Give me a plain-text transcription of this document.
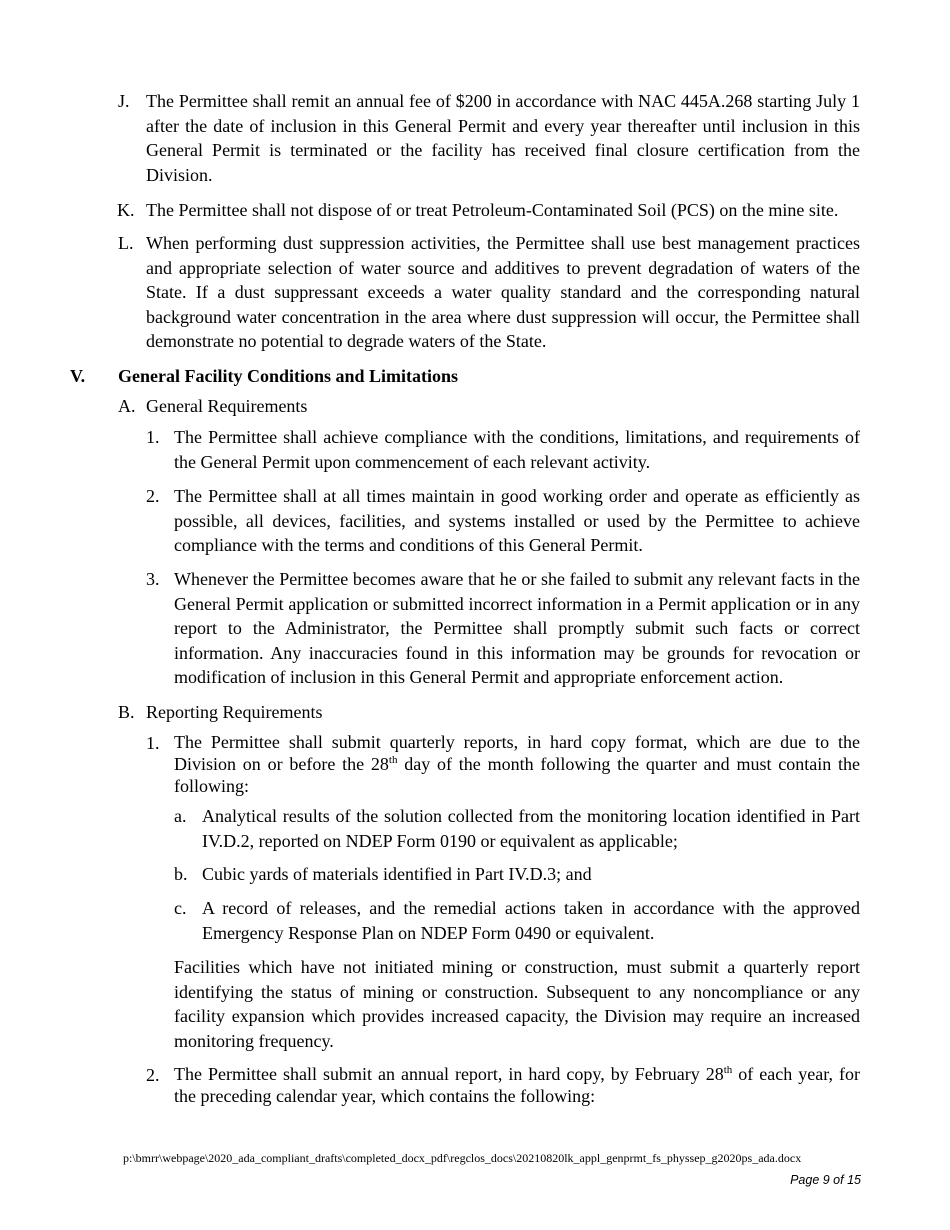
J. The Permittee shall remit an annual fee of $200 in accordance with NAC 445A.268 starting July 1 after the date of inclusion in this General Permit and every year thereafter until inclusion in this General Permit is terminated or the facility has received final closure certification from the Division.
K. The Permittee shall not dispose of or treat Petroleum-Contaminated Soil (PCS) on the mine site.
L. When performing dust suppression activities, the Permittee shall use best management practices and appropriate selection of water source and additives to prevent degradation of waters of the State. If a dust suppressant exceeds a water quality standard and the corresponding natural background water concentration in the area where dust suppression will occur, the Permittee shall demonstrate no potential to degrade waters of the State.
V. General Facility Conditions and Limitations
A. General Requirements
1. The Permittee shall achieve compliance with the conditions, limitations, and requirements of the General Permit upon commencement of each relevant activity.
2. The Permittee shall at all times maintain in good working order and operate as efficiently as possible, all devices, facilities, and systems installed or used by the Permittee to achieve compliance with the terms and conditions of this General Permit.
3. Whenever the Permittee becomes aware that he or she failed to submit any relevant facts in the General Permit application or submitted incorrect information in a Permit application or in any report to the Administrator, the Permittee shall promptly submit such facts or correct information. Any inaccuracies found in this information may be grounds for revocation or modification of inclusion in this General Permit and appropriate enforcement action.
B. Reporting Requirements
1. The Permittee shall submit quarterly reports, in hard copy format, which are due to the Division on or before the 28th day of the month following the quarter and must contain the following:
a. Analytical results of the solution collected from the monitoring location identified in Part IV.D.2, reported on NDEP Form 0190 or equivalent as applicable;
b. Cubic yards of materials identified in Part IV.D.3; and
c. A record of releases, and the remedial actions taken in accordance with the approved Emergency Response Plan on NDEP Form 0490 or equivalent.
Facilities which have not initiated mining or construction, must submit a quarterly report identifying the status of mining or construction. Subsequent to any noncompliance or any facility expansion which provides increased capacity, the Division may require an increased monitoring frequency.
2. The Permittee shall submit an annual report, in hard copy, by February 28th of each year, for the preceding calendar year, which contains the following:
p:\bmrr\webpage\2020_ada_compliant_drafts\completed_docx_pdf\regclos_docs\20210820lk_appl_genprmt_fs_physsep_g2020ps_ada.docx
Page 9 of 15
